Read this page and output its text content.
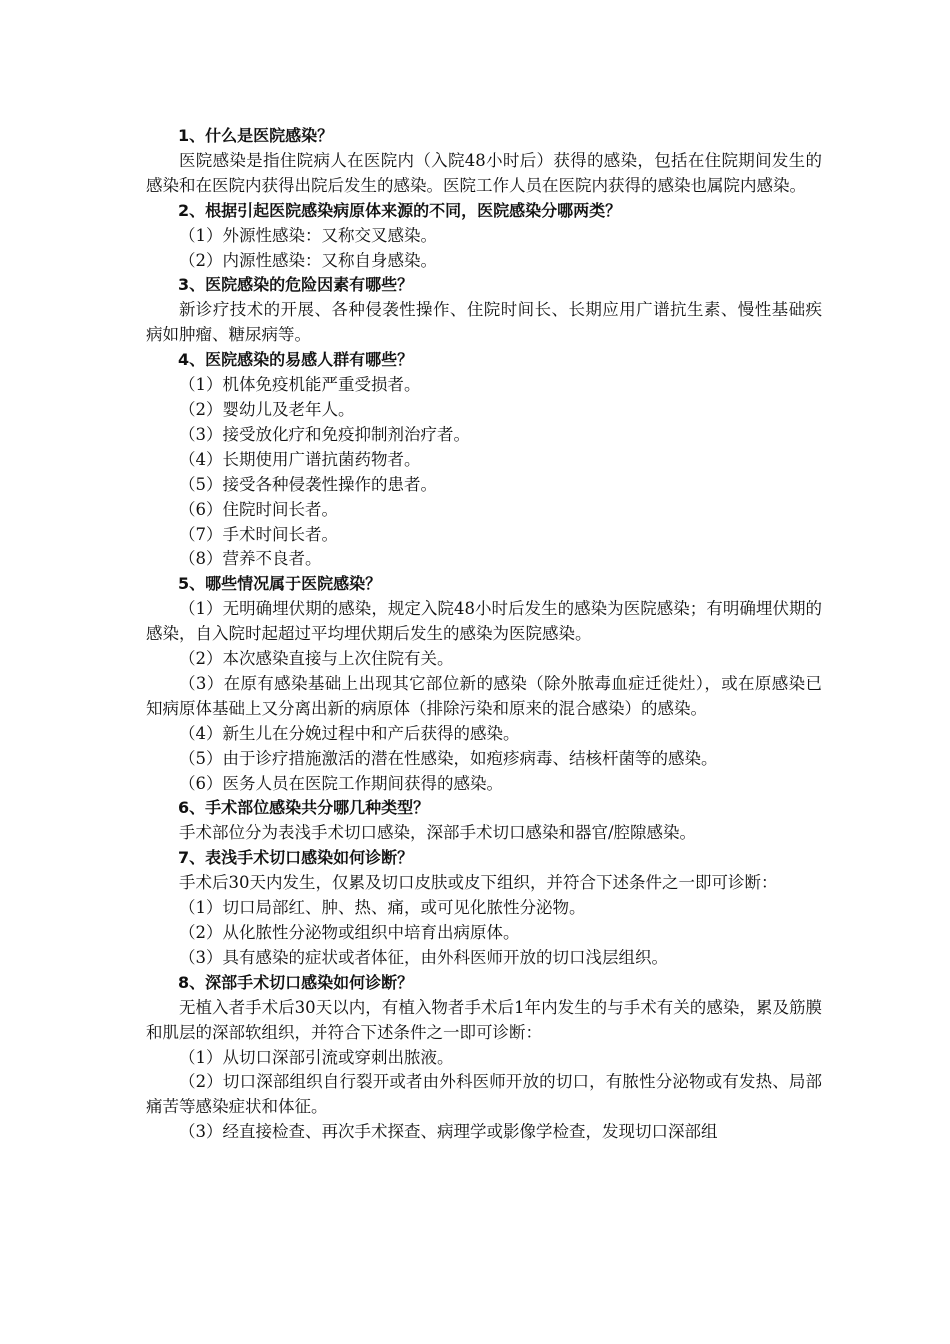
1、什么是医院感染？

医院感染是指住院病人在医院内（入院48小时后）获得的感染，包括在住院期间发生的感染和在医院内获得出院后发生的感染。医院工作人员在医院内获得的感染也属院内感染。

2、根据引起医院感染病原体来源的不同，医院感染分哪两类？

（1）外源性感染：又称交叉感染。

（2）内源性感染：又称自身感染。

3、医院感染的危险因素有哪些？

新诊疗技术的开展、各种侵袭性操作、住院时间长、长期应用广谱抗生素、慢性基础疾病如肿瘤、糖尿病等。

4、医院感染的易感人群有哪些？

（1）机体免疫机能严重受损者。

（2）婴幼儿及老年人。

（3）接受放化疗和免疫抑制剂治疗者。

（4）长期使用广谱抗菌药物者。

（5）接受各种侵袭性操作的患者。

（6）住院时间长者。

（7）手术时间长者。

（8）营养不良者。

5、哪些情况属于医院感染？

（1）无明确埋伏期的感染，规定入院48小时后发生的感染为医院感染；有明确埋伏期的感染，自入院时起超过平均埋伏期后发生的感染为医院感染。

（2）本次感染直接与上次住院有关。

（3）在原有感染基础上出现其它部位新的感染（除外脓毒血症迁徙灶），或在原感染已知病原体基础上又分离出新的病原体（排除污染和原来的混合感染）的感染。

（4）新生儿在分娩过程中和产后获得的感染。

（5）由于诊疗措施激活的潜在性感染，如疱疹病毒、结核杆菌等的感染。

（6）医务人员在医院工作期间获得的感染。

6、手术部位感染共分哪几种类型？

手术部位分为表浅手术切口感染，深部手术切口感染和器官/腔隙感染。

7、表浅手术切口感染如何诊断？

手术后30天内发生，仅累及切口皮肤或皮下组织，并符合下述条件之一即可诊断：

（1）切口局部红、肿、热、痛，或可见化脓性分泌物。

（2）从化脓性分泌物或组织中培育出病原体。

（3）具有感染的症状或者体征，由外科医师开放的切口浅层组织。

8、深部手术切口感染如何诊断？

无植入者手术后30天以内，有植入物者手术后1年内发生的与手术有关的感染，累及筋膜和肌层的深部软组织，并符合下述条件之一即可诊断：

（1）从切口深部引流或穿刺出脓液。

（2）切口深部组织自行裂开或者由外科医师开放的切口，有脓性分泌物或有发热、局部痛苦等感染症状和体征。

（3）经直接检查、再次手术探查、病理学或影像学检查，发现切口深部组
